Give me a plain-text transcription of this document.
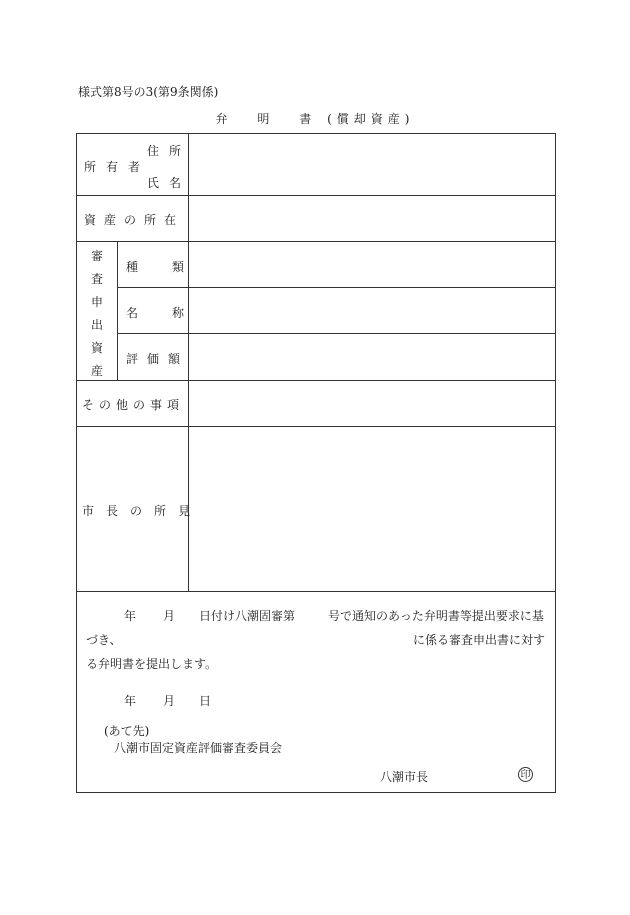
様式第8号の3(第9条関係)
弁 明 書 (償却資産)
所有者
住所
氏名
資産の所在
審
査
申
出
資
産
種類
名称
評価額
その他の事項
市長の所見
年 月 日付け八潮固審第	号で通知のあった弁明書等提出要求に基
づき、	に係る審査申出書に対す
る弁明書を提出します。
年 月 日
(あて先)
八潮市固定資産評価審査委員会
八潮市長	印
